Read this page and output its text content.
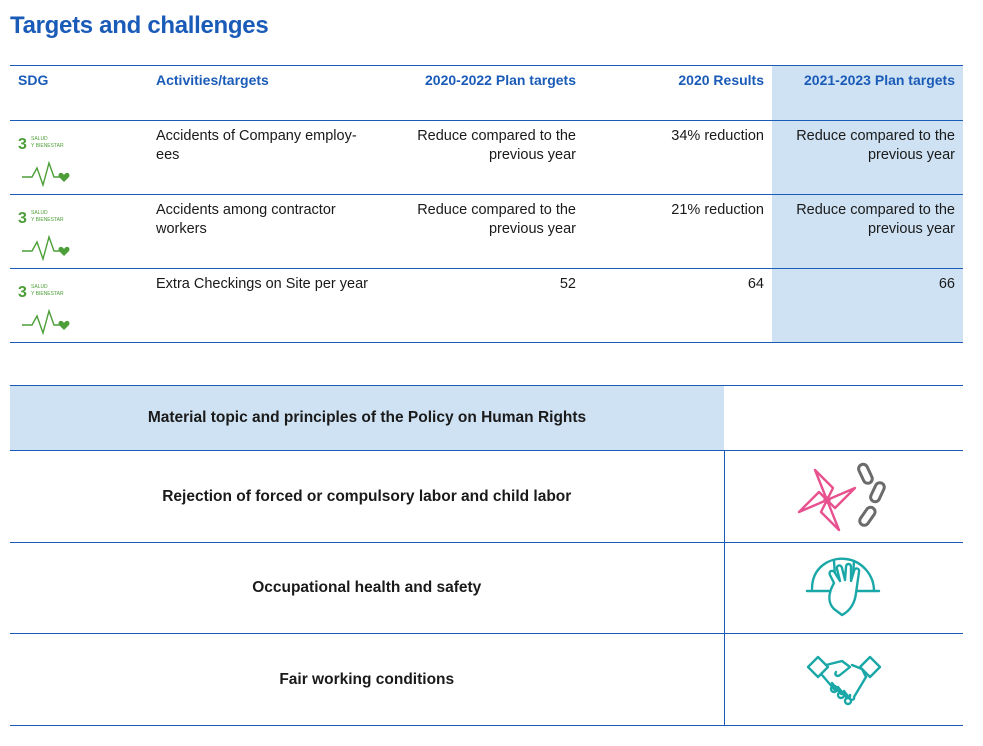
Targets and challenges
SDG	Activities/targets	2020-2022 Plan targets	2020 Results	2021-2023 Plan targets

3 SALUD
Y BIENESTAR	Accidents of Company employ-ees	Reduce compared to the previous year	34% reduction	Reduce compared to the previous year

3 SALUD
Y BIENESTAR	Accidents among contractor workers	Reduce compared to the previous year	21% reduction	Reduce compared to the previous year

3 SALUD
Y BIENESTAR	Extra Checkings on Site per year	52	64	66
Material topic and principles of the Policy on Human Rights	
Rejection of forced or compulsory labor and child labor	

Occupational health and safety	

Fair working conditions	
